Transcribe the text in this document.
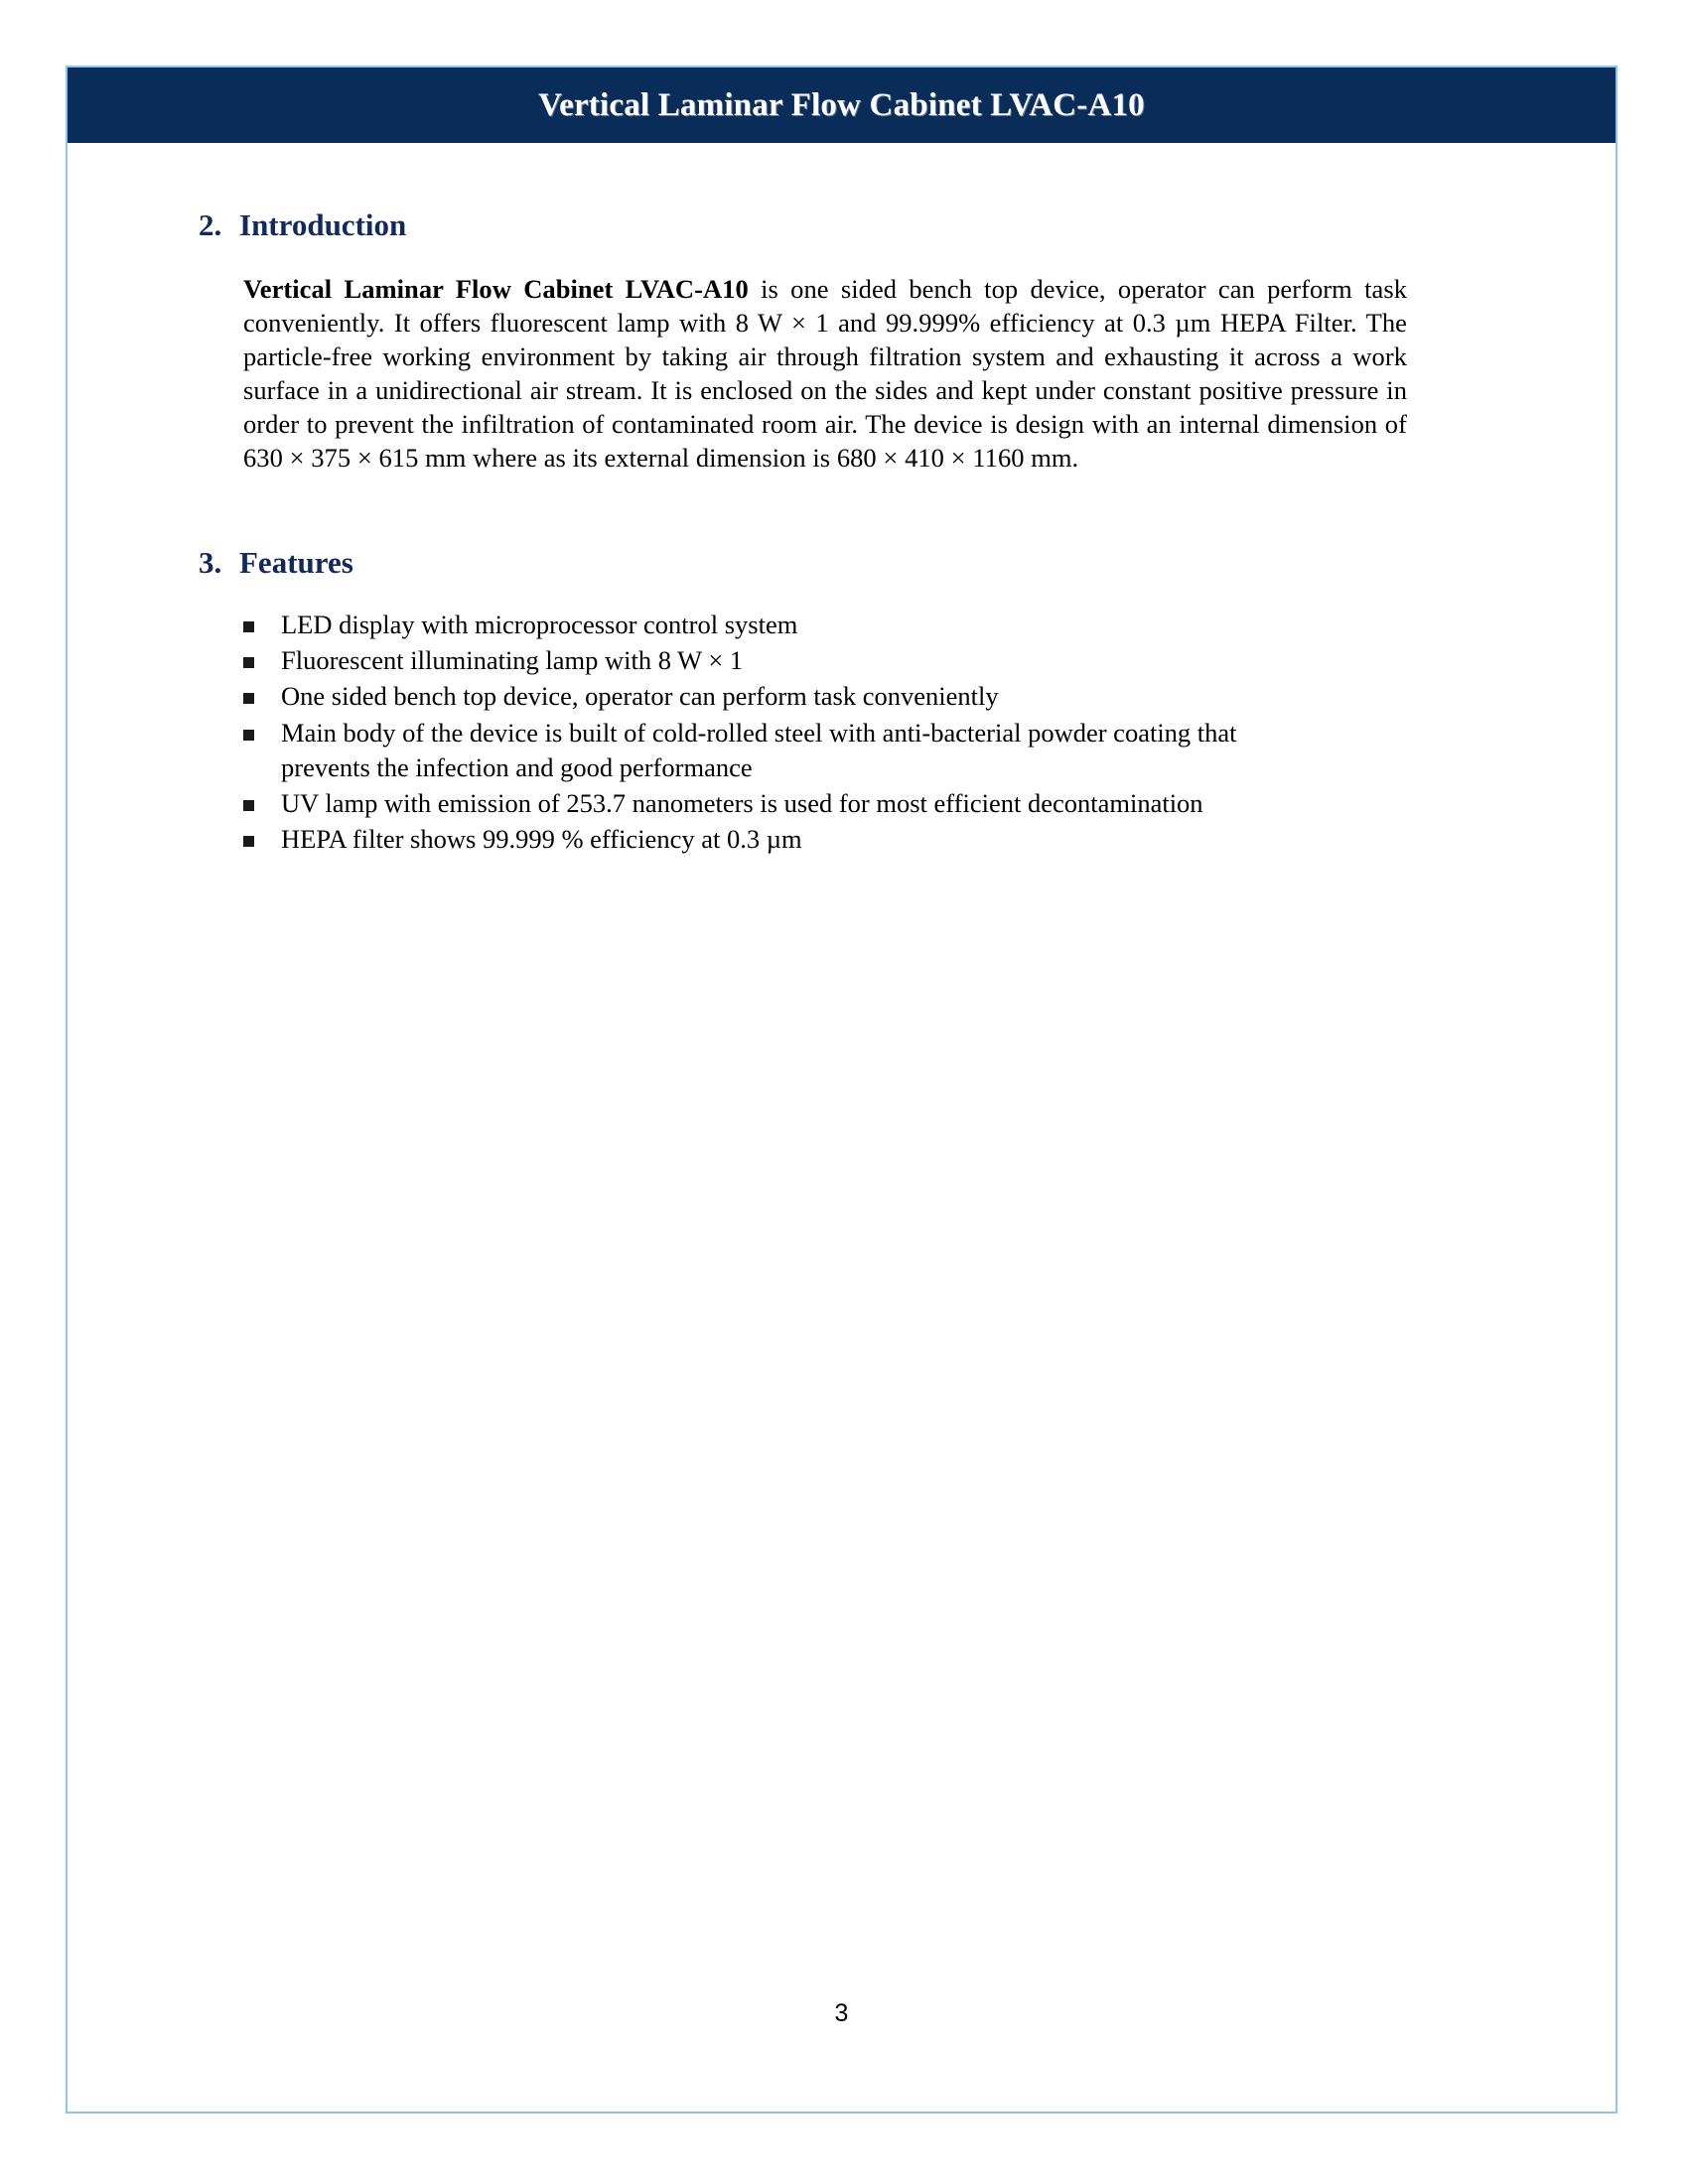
Vertical Laminar Flow Cabinet LVAC-A10
2. Introduction

Vertical Laminar Flow Cabinet LVAC-A10 is one sided bench top device, operator can perform task conveniently. It offers fluorescent lamp with 8 W × 1 and 99.999% efficiency at 0.3 µm HEPA Filter. The particle-free working environment by taking air through filtration system and exhausting it across a work surface in a unidirectional air stream. It is enclosed on the sides and kept under constant positive pressure in order to prevent the infiltration of contaminated room air. The device is design with an internal dimension of 630 × 375 × 615 mm where as its external dimension is 680 × 410 × 1160 mm.

3. Features
LED display with microprocessor control system
Fluorescent illuminating lamp with 8 W × 1
One sided bench top device, operator can perform task conveniently
Main body of the device is built of cold-rolled steel with anti-bacterial powder coating that prevents the infection and good performance
UV lamp with emission of 253.7 nanometers is used for most efficient decontamination
HEPA filter shows 99.999 % efficiency at 0.3 µm
3
